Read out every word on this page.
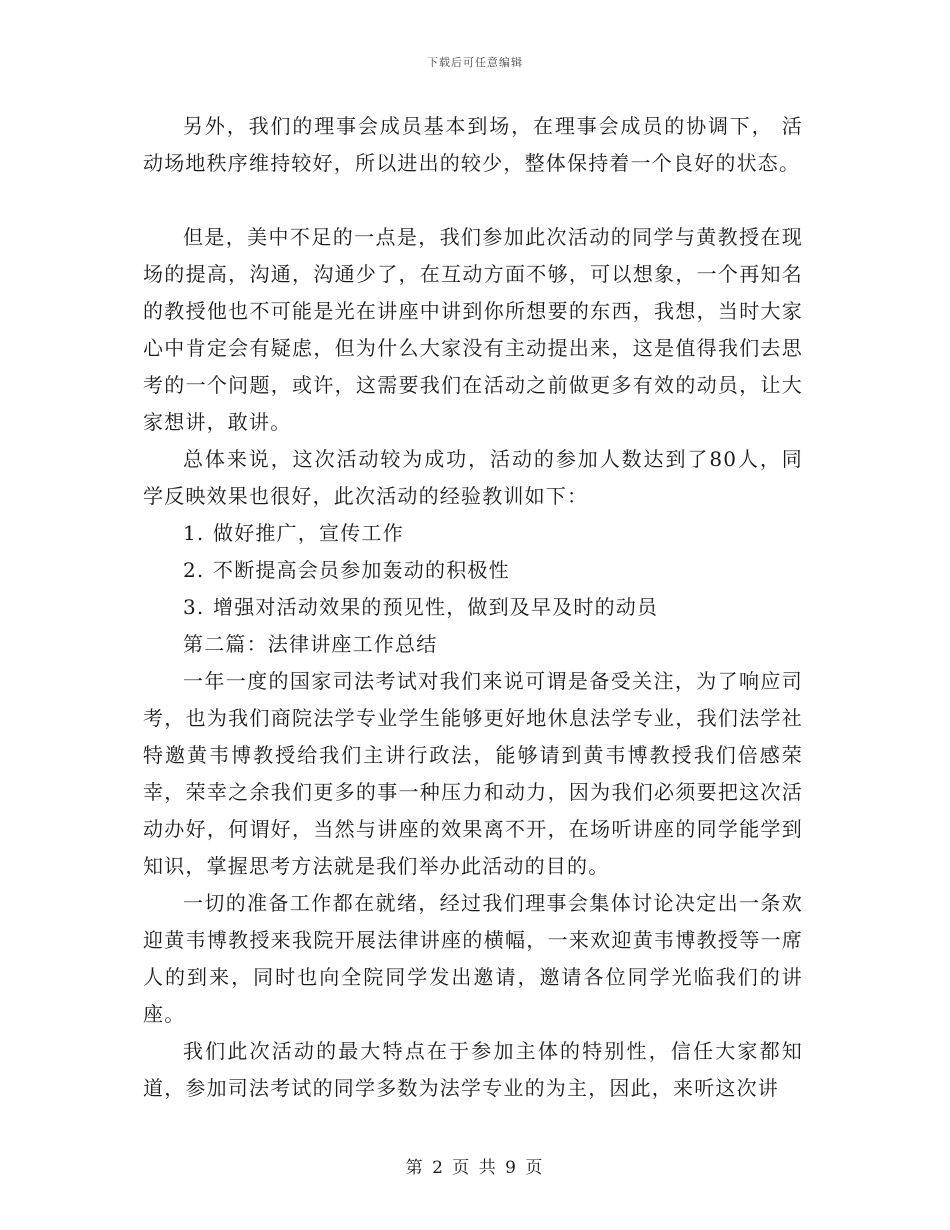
下载后可任意编辑

另外，我们的理事会成员基本到场，在理事会成员的协调下， 活动场地秩序维持较好，所以进出的较少，整体保持着一个良好的状态。

但是，美中不足的一点是，我们参加此次活动的同学与黄教授在现场的提高，沟通，沟通少了，在互动方面不够，可以想象，一个再知名的教授他也不可能是光在讲座中讲到你所想要的东西，我想，当时大家心中肯定会有疑虑，但为什么大家没有主动提出来，这是值得我们去思考的一个问题，或许，这需要我们在活动之前做更多有效的动员，让大家想讲，敢讲。

总体来说，这次活动较为成功，活动的参加人数达到了80人，同学反映效果也很好，此次活动的经验教训如下：

1. 做好推广，宣传工作

2. 不断提高会员参加轰动的积极性

3. 增强对活动效果的预见性，做到及早及时的动员

第二篇：法律讲座工作总结

一年一度的国家司法考试对我们来说可谓是备受关注，为了响应司考，也为我们商院法学专业学生能够更好地休息法学专业，我们法学社特邀黄韦博教授给我们主讲行政法，能够请到黄韦博教授我们倍感荣幸，荣幸之余我们更多的事一种压力和动力，因为我们必须要把这次活动办好，何谓好，当然与讲座的效果离不开，在场听讲座的同学能学到知识，掌握思考方法就是我们举办此活动的目的。

一切的准备工作都在就绪，经过我们理事会集体讨论决定出一条欢迎黄韦博教授来我院开展法律讲座的横幅，一来欢迎黄韦博教授等一席人的到来，同时也向全院同学发出邀请，邀请各位同学光临我们的讲座。

我们此次活动的最大特点在于参加主体的特别性，信任大家都知道，参加司法考试的同学多数为法学专业的为主，因此，来听这次讲

第 2 页 共 9 页
